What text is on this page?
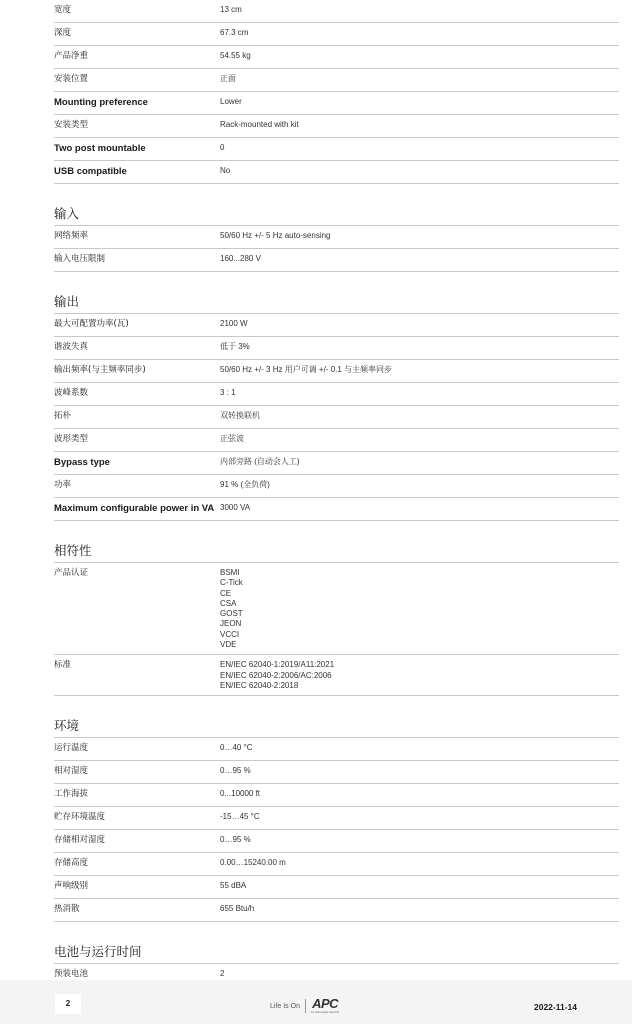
宽度	13 cm
深度	67.3 cm
产品净重	54.55 kg
安装位置	正面
Mounting preference	Lower
安装类型	Rack-mounted with kit
Two post mountable	0
USB compatible	No
输入
网络频率	50/60 Hz +/- 5 Hz auto-sensing
输入电压限制	160...280 V
输出
最大可配置功率(瓦)	2100 W
谐波失真	低于 3%
输出频率(与主频率同步)	50/60 Hz +/- 3 Hz 用户可调 +/- 0.1 与主频率同步
波峰系数	3 : 1
拓朴	双转换联机
波形类型	正弦波
Bypass type	内部旁路 (自动会人工)
功率	91 % (全负荷)
Maximum configurable power in VA 3000 VA
相符性
产品认证	BSMI
C-Tick
CE
CSA
GOST
JEON
VCCI
VDE
标准	EN/IEC 62040-1:2019/A11:2021
EN/IEC 62040-2:2006/AC:2006
EN/IEC 62040-2:2018
环境
运行温度	0…40 °C
相对湿度	0…95 %
工作海拔	0...10000 ft
贮存环境温度	-15…45 °C
存储相对湿度	0…95 %
存储高度	0.00…15240.00 m
声响级别	55 dBA
热消散	655 Btu/h
电池与运行时间
预装电池	2
2	Life Is On APC
by Schneider Electric	2022-11-14
